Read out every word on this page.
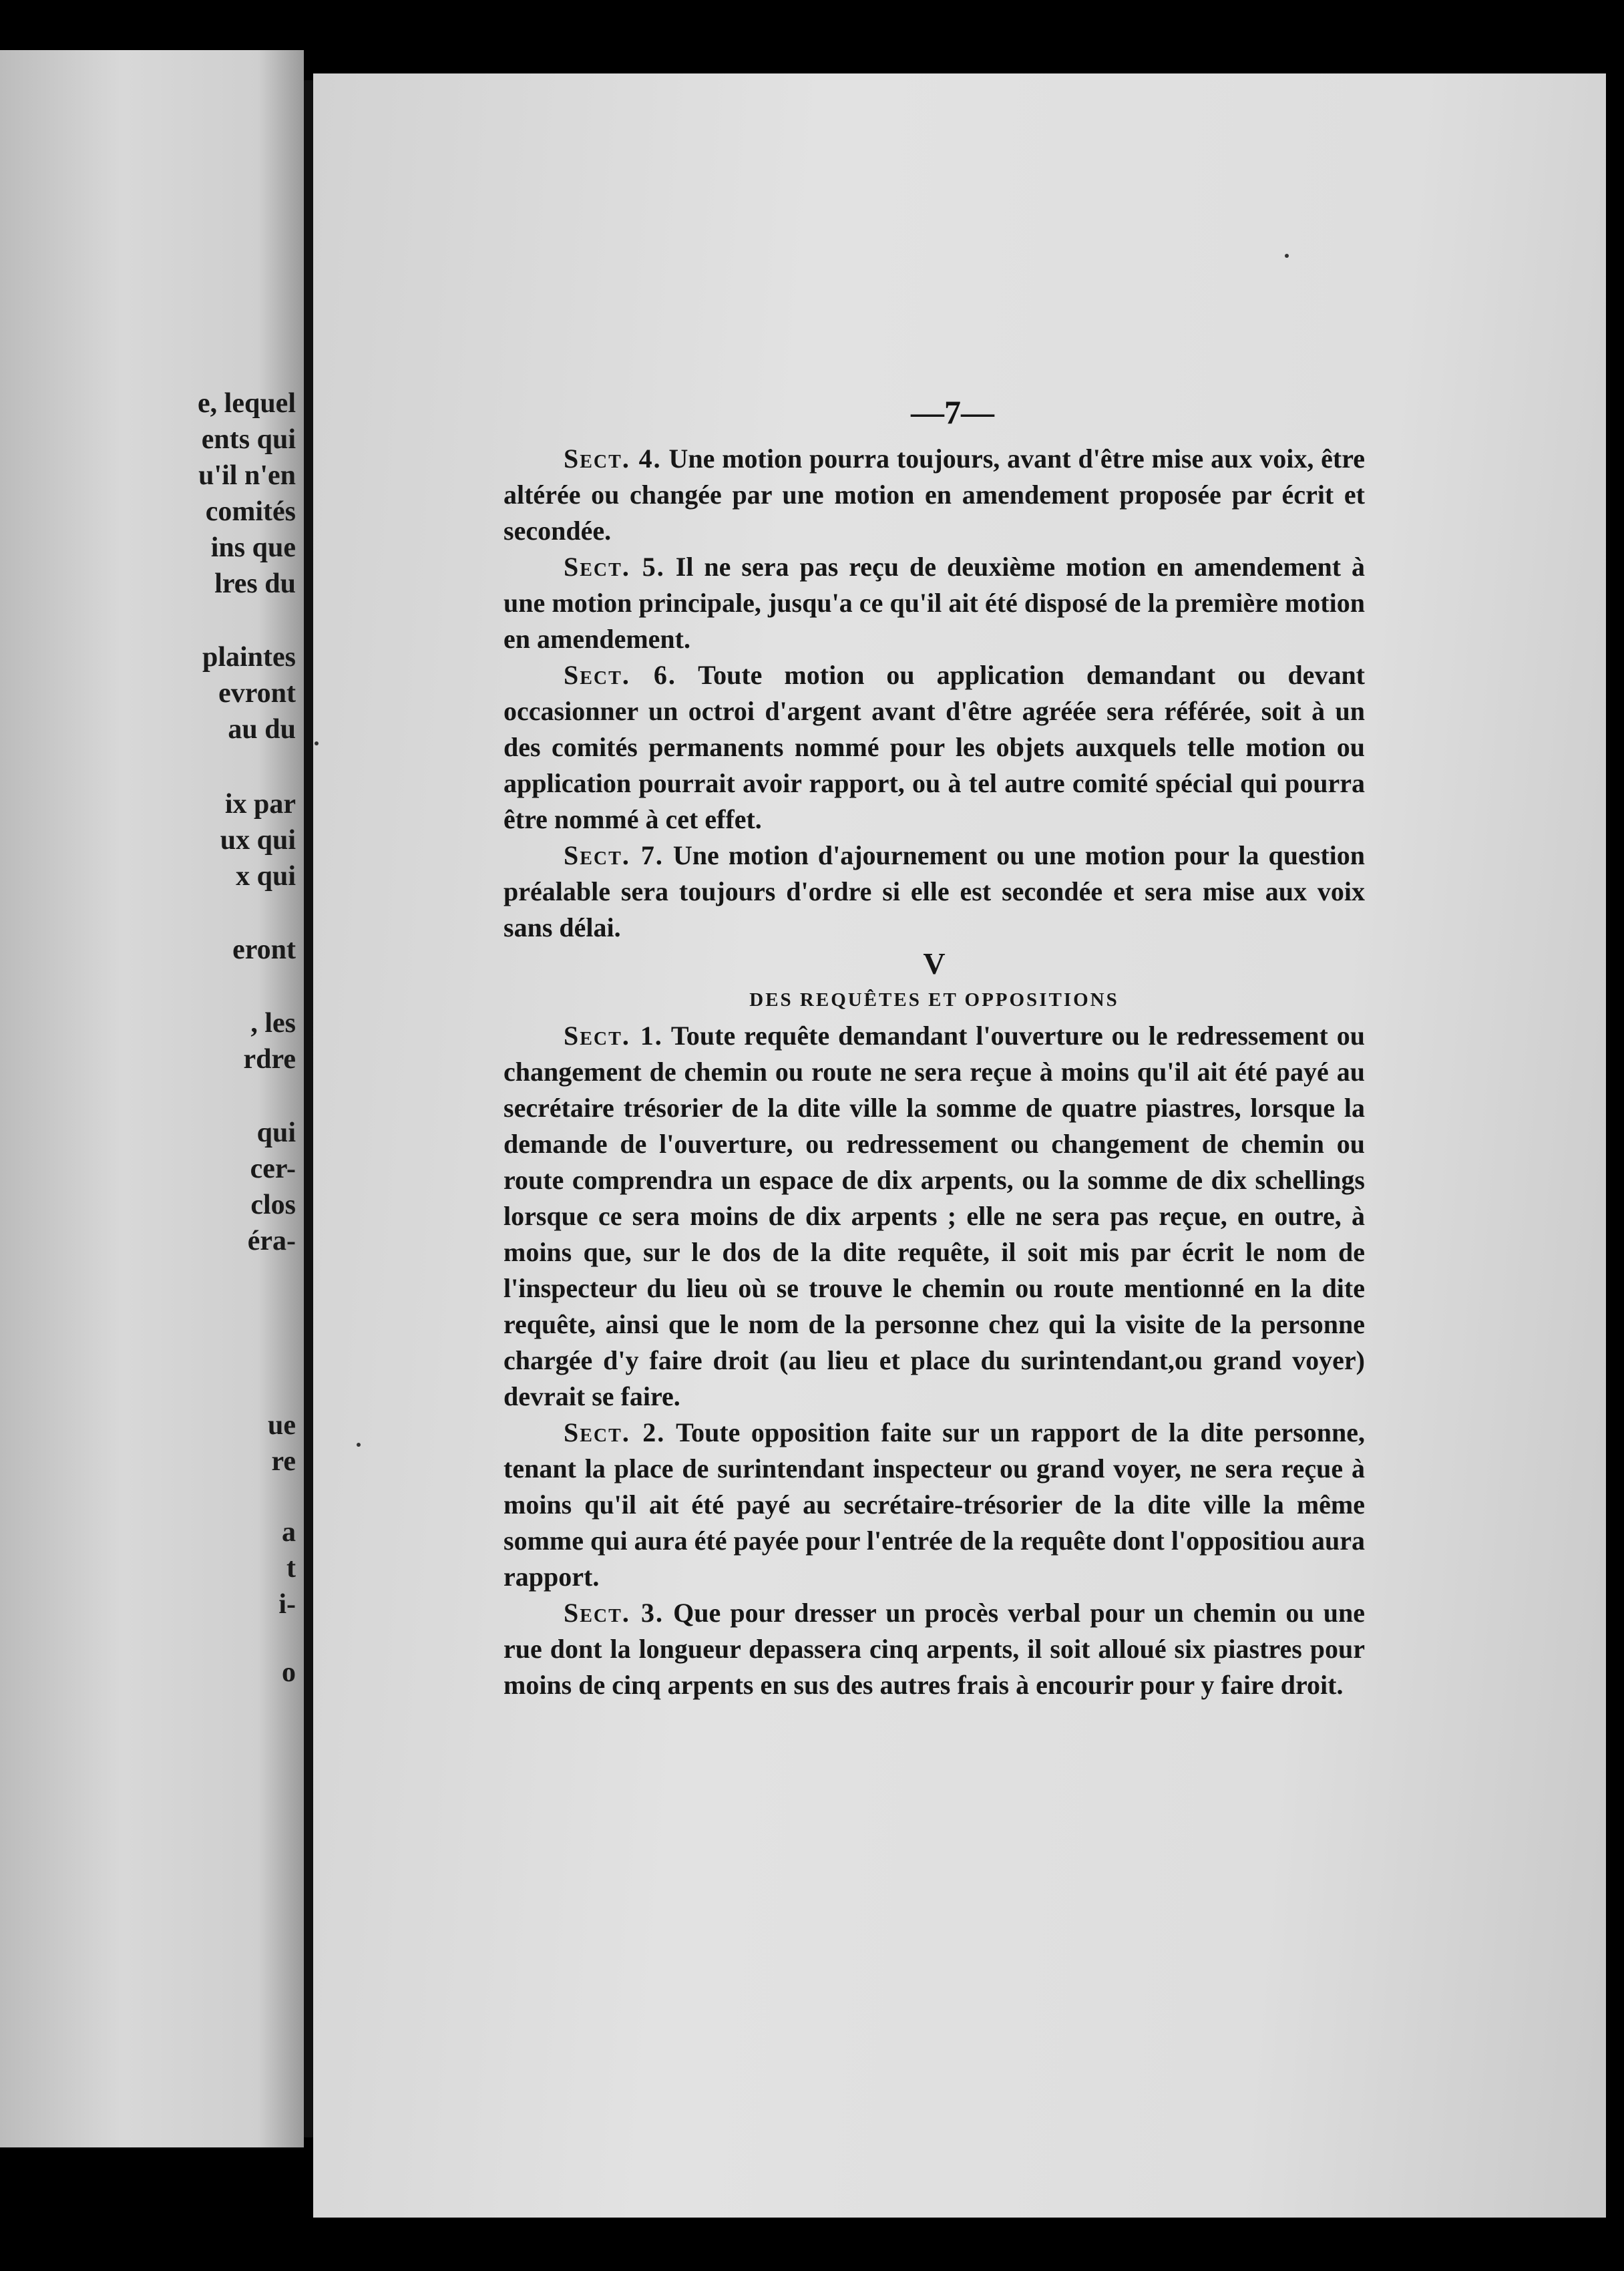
e, lequel

ents qui

u'il n'en

comités

ins que

lres du

plaintes

evront

au du

ix par

ux qui

x qui

eront

, les

rdre

qui

cer-

clos

éra-

ue

re

a

t

i-

o

—7—

Sect. 4. Une motion pourra toujours, avant d'être mise aux voix, être altérée ou changée par une motion en amendement proposée par écrit et secondée.

Sect. 5. Il ne sera pas reçu de deuxième motion en amendement à une motion principale, jusqu'a ce qu'il ait été disposé de la première motion en amendement.

Sect. 6. Toute motion ou application demandant ou devant occasionner un octroi d'argent avant d'être agréée sera référée, soit à un des comités permanents nommé pour les objets auxquels telle motion ou application pourrait avoir rapport, ou à tel autre comité spécial qui pourra être nommé à cet effet.

Sect. 7. Une motion d'ajournement ou une motion pour la question préalable sera toujours d'ordre si elle est secondée et sera mise aux voix sans délai.

V

DES REQUÊTES ET OPPOSITIONS

Sect. 1. Toute requête demandant l'ouverture ou le redressement ou changement de chemin ou route ne sera reçue à moins qu'il ait été payé au secrétaire trésorier de la dite ville la somme de quatre piastres, lorsque la demande de l'ouverture, ou redressement ou changement de chemin ou route comprendra un espace de dix arpents, ou la somme de dix schellings lorsque ce sera moins de dix arpents ; elle ne sera pas reçue, en outre, à moins que, sur le dos de la dite requête, il soit mis par écrit le nom de l'inspecteur du lieu où se trouve le chemin ou route mentionné en la dite requête, ainsi que le nom de la personne chez qui la visite de la personne chargée d'y faire droit (au lieu et place du surintendant,ou grand voyer) devrait se faire.

Sect. 2. Toute opposition faite sur un rapport de la dite personne, tenant la place de surintendant inspecteur ou grand voyer, ne sera reçue à moins qu'il ait été payé au secrétaire-trésorier de la dite ville la même somme qui aura été payée pour l'entrée de la requête dont l'oppositiou aura rapport.

Sect. 3. Que pour dresser un procès verbal pour un chemin ou une rue dont la longueur depassera cinq arpents, il soit alloué six piastres pour moins de cinq arpents en sus des autres frais à encourir pour y faire droit.
